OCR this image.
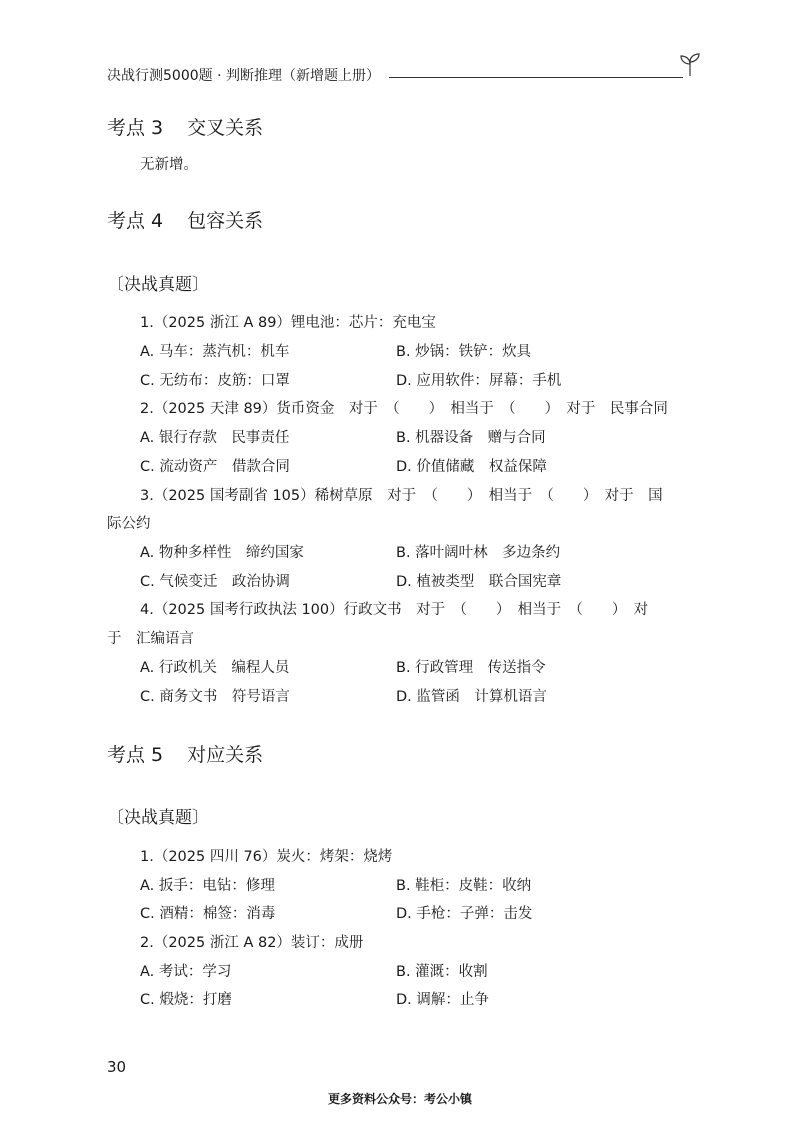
决战行测5000题 · 判断推理（新增题上册）
考点 3 交叉关系
无新增。
考点 4 包容关系
〔决战真题〕
1.（2025 浙江 A 89）锂电池：芯片：充电宝
A. 马车：蒸汽机：机车	B. 炒锅：铁铲：炊具
C. 无纺布：皮筋：口罩	D. 应用软件：屏幕：手机
2.（2025 天津 89）货币资金　对于　（　　）　相当于　（　　）　对于　民事合同
A. 银行存款　民事责任	B. 机器设备　赠与合同
C. 流动资产　借款合同	D. 价值储藏　权益保障
3.（2025 国考副省 105）稀树草原　对于　（　　）　相当于　（　　）　对于　国
际公约
A. 物种多样性　缔约国家	B. 落叶阔叶林　多边条约
C. 气候变迁　政治协调	D. 植被类型　联合国宪章
4.（2025 国考行政执法 100）行政文书　对于　（　　）　相当于　（　　）　对
于　汇编语言
A. 行政机关　编程人员	B. 行政管理　传送指令
C. 商务文书　符号语言	D. 监管函　计算机语言
考点 5 对应关系
〔决战真题〕
1.（2025 四川 76）炭火：烤架：烧烤
A. 扳手：电钻：修理	B. 鞋柜：皮鞋：收纳
C. 酒精：棉签：消毒	D. 手枪：子弹：击发
2.（2025 浙江 A 82）装订：成册
A. 考试：学习	B. 灌溉：收割
C. 煅烧：打磨	D. 调解：止争
30
更多资料公众号：考公小镇
